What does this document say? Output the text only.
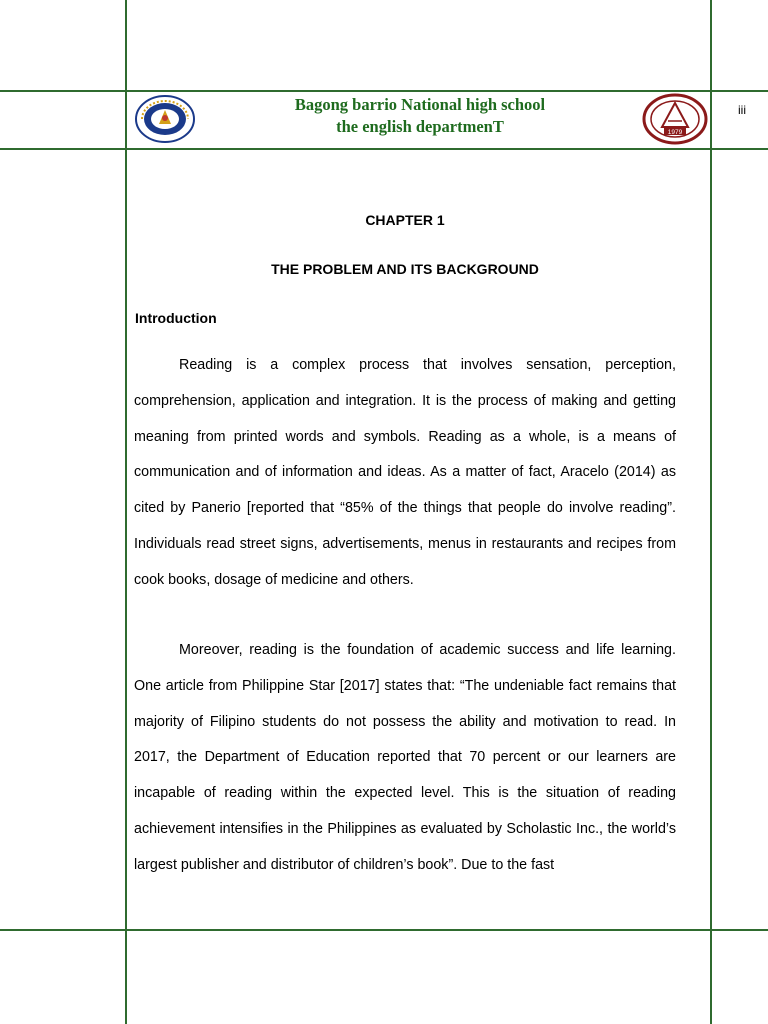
Bagong barrio National high school
the english departmenT	1979
iii
CHAPTER 1
THE PROBLEM AND ITS BACKGROUND
Introduction

Reading is a complex process that involves sensation, perception, comprehension, application and integration. It is the process of making and getting meaning from printed words and symbols. Reading as a whole, is a means of communication and of information and ideas. As a matter of fact, Aracelo (2014) as cited by Panerio [reported that “85% of the things that people do involve reading”. Individuals read street signs, advertisements, menus in restaurants and recipes from cook books, dosage of medicine and others.

Moreover, reading is the foundation of academic success and life learning. One article from Philippine Star [2017] states that: “The undeniable fact remains that majority of Filipino students do not possess the ability and motivation to read. In 2017, the Department of Education reported that 70 percent or our learners are incapable of reading within the expected level. This is the situation of reading achievement intensifies in the Philippines as evaluated by Scholastic Inc., the world’s largest publisher and distributor of children’s book”. Due to the fast
